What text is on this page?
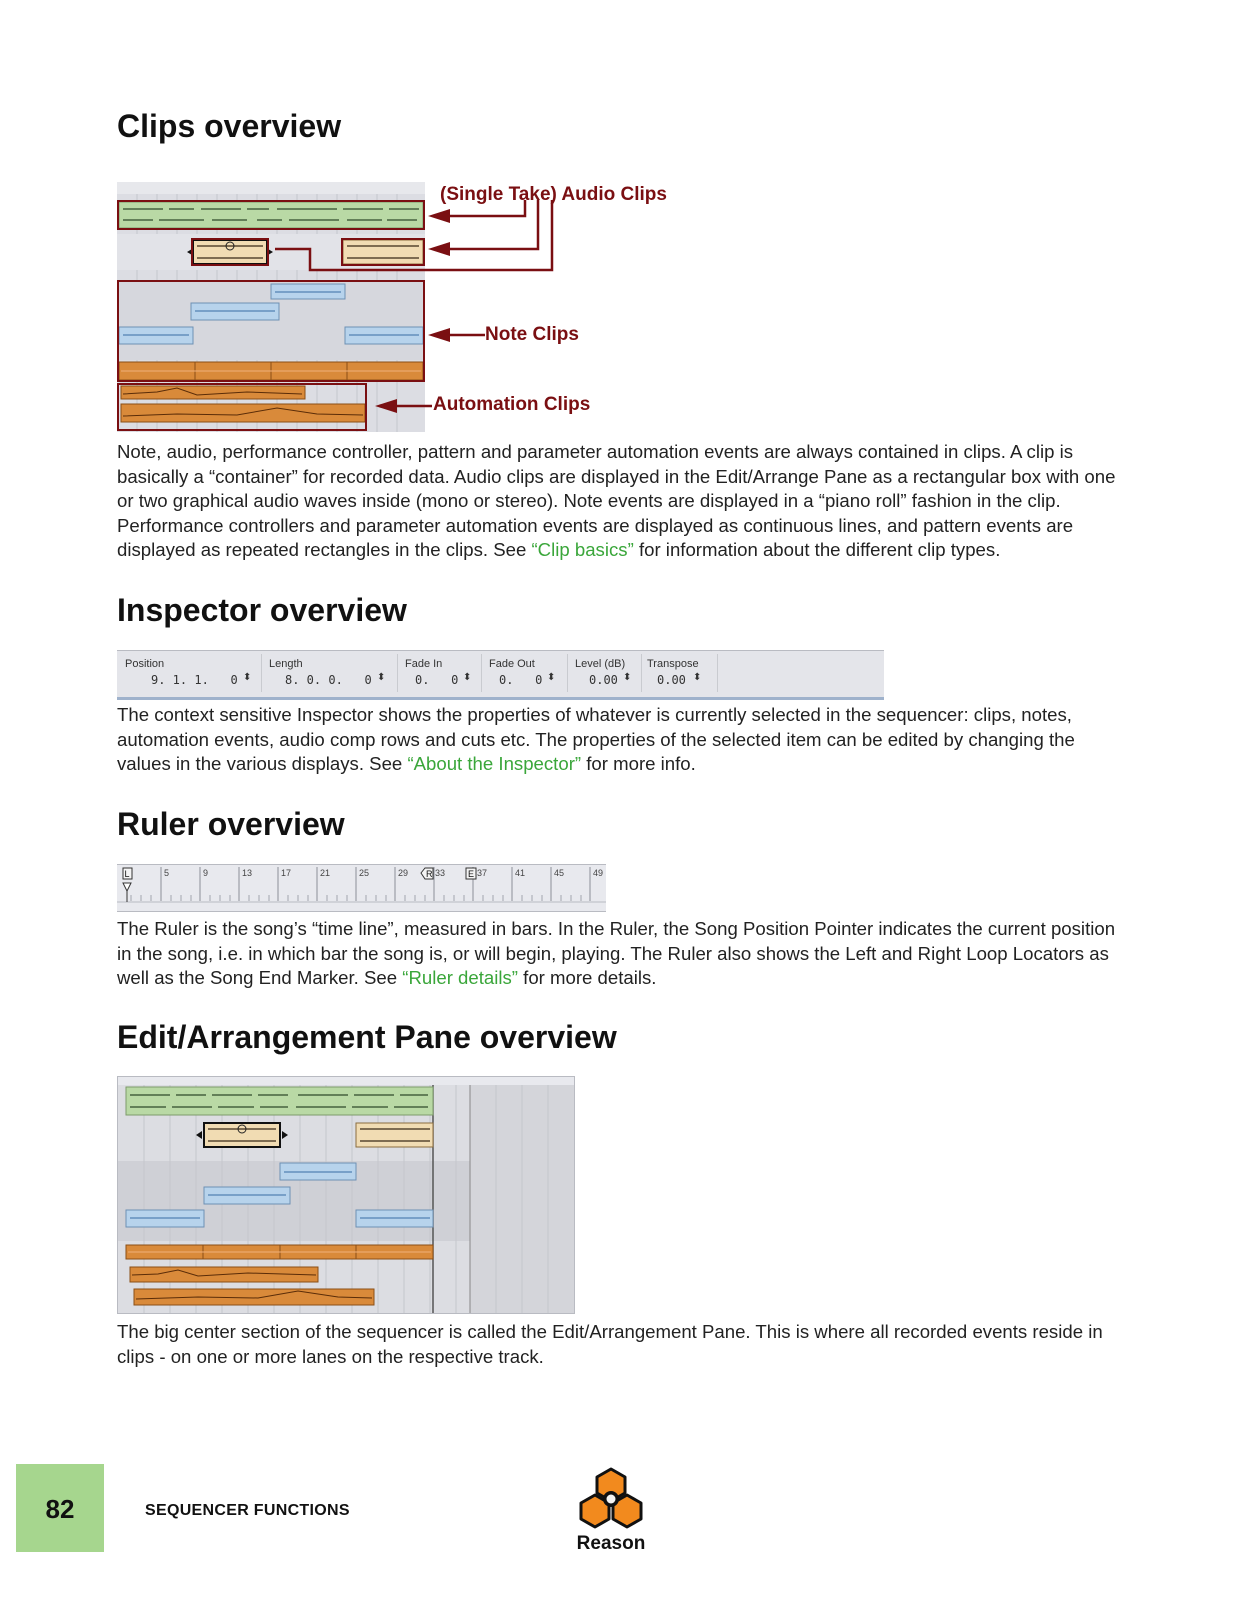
Clips overview
(Single Take) Audio Clips
Note Clips
Automation Clips

Note, audio, performance controller, pattern and parameter automation events are always contained in clips. A clip is basically a “container” for recorded data. Audio clips are displayed in the Edit/Arrange Pane as a rectangular box with one or two graphical audio waves inside (mono or stereo). Note events are displayed in a “piano roll” fashion in the clip. Performance controllers and parameter automation events are displayed as continuous lines, and pattern events are displayed as repeated rectangles in the clips. See “Clip basics” for information about the different clip types.

Inspector overview
Position
9. 1. 1.   0 ⬍
Length
8. 0. 0.   0 ⬍
Fade In
0.   0 ⬍
Fade Out
0.   0 ⬍
Level (dB)
0.00 ⬍
Transpose
0.00 ⬍

The context sensitive Inspector shows the properties of whatever is currently selected in the sequencer: clips, notes, automation events, audio comp rows and cuts etc. The properties of the selected item can be edited by changing the values in the various displays. See “About the Inspector” for more info.

Ruler overview
L	R	E
5	9	13	17	21	25	29	33	37	41	45	49

The Ruler is the song’s “time line”, measured in bars. In the Ruler, the Song Position Pointer indicates the current position in the song, i.e. in which bar the song is, or will begin, playing. The Ruler also shows the Left and Right Loop Locators as well as the Song End Marker. See “Ruler details” for more details.

Edit/Arrangement Pane overview

The big center section of the sequencer is called the Edit/Arrangement Pane. This is where all recorded events reside in clips - on one or more lanes on the respective track.

82	SEQUENCER FUNCTIONS
Reason
